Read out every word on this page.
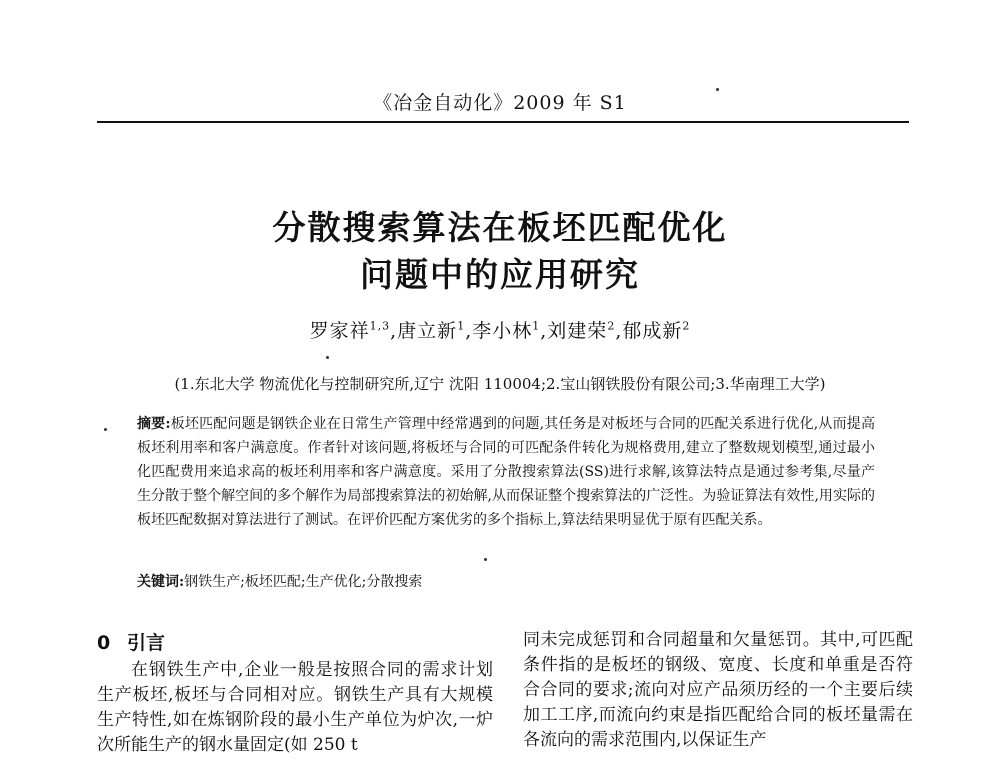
《冶金自动化》2009 年 S1
分散搜索算法在板坯匹配优化
问题中的应用研究
罗家祥$^{1,3}$,唐立新$^1$,李小林$^1$,刘建荣$^2$,郁成新$^2$
(1.东北大学 物流优化与控制研究所,辽宁 沈阳 110004;2.宝山钢铁股份有限公司;3.华南理工大学)
摘要:板坯匹配问题是钢铁企业在日常生产管理中经常遇到的问题,其任务是对板坯与合同的匹配关系进行优化,从而提高板坯利用率和客户满意度。作者针对该问题,将板坯与合同的可匹配条件转化为规格费用,建立了整数规划模型,通过最小化匹配费用来追求高的板坯利用率和客户满意度。采用了分散搜索算法(SS)进行求解,该算法特点是通过参考集,尽量产生分散于整个解空间的多个解作为局部搜索算法的初始解,从而保证整个搜索算法的广泛性。为验证算法有效性,用实际的板坯匹配数据对算法进行了测试。在评价匹配方案优劣的多个指标上,算法结果明显优于原有匹配关系。
关键词:钢铁生产;板坯匹配;生产优化;分散搜索
0 引言

在钢铁生产中,企业一般是按照合同的需求计划生产板坯,板坯与合同相对应。钢铁生产具有大规模生产特性,如在炼钢阶段的最小生产单位为炉次,一炉次所能生产的钢水量固定(如 250 t

同未完成惩罚和合同超量和欠量惩罚。其中,可匹配条件指的是板坯的钢级、宽度、长度和单重是否符合合同的要求;流向对应产品须历经的一个主要后续加工工序,而流向约束是指匹配给合同的板坯量需在各流向的需求范围内,以保证生产
